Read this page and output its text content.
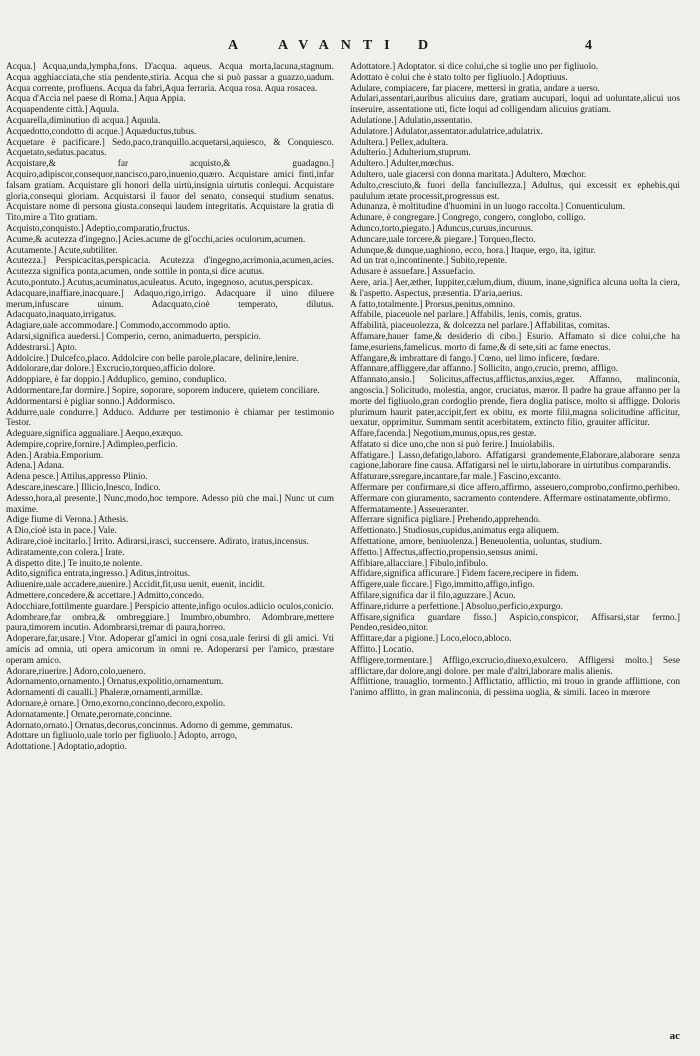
A AVANTI D	4
Acqua.] Acqua,unda,lympha,fons. D'acqua. aqueus. Acqua morta,lacuna,stagnum. Acqua agghiacciata,che stia pendente,stiria. Acqua che si può passar a guazzo,uadum. Acqua corrente, profluens. Acqua da fabri,Aqua ferraria. Acqua rosa. Aqua rosacea.
Acqua d'Accia nel paese di Roma.] Aqua Appia.
Acquapendente città.] Aquula.
Acquarella,diminutiuo di acqua.] Aquula.
Acquedotto,condotto di acque.] Aquæductus,tubus.
Acquetare è pacificare.] Sedo,paco,tranquillo.acquetarsi,aquiesco, & Conquiesco. Acquetato,sedatus.pacatus.
Acquistare,& far acquisto,& guadagno.] Acquiro,adipiscor,consequor,nancisco,paro,inuenio,quæro. Acquistare amici finti,infar falsam gratiam. Acquistare gli honori della uirtù,insignia uirtutis conlequi. Acquistare gloria,consequi gloriam. Acquistarsi il fauor del senato, consequi studium senatus. Acquistare nome di persona giusta.consequi laudem integritatis. Acquistare la gratia di Tito,mire a Tito gratiam.
Acquisto,conquisto.] Adeptio,comparatio,fructus.
Acume,& acutezza d'ingegno.] Acies.acume de gl'occhi,acies oculorum,acumen.
Acutamente.] Acute,subtiliter.
Acutezza.] Perspicacitas,perspicacia. Acutezza d'ingegno,acrimonia,acumen,acies. Acutezza significa ponta,acumen, onde sottile in ponta,si dice acutus.
Acuto,pontuto.] Acutus,acuminatus,aculeatus. Acuto, ingegnoso, acutus,perspicax.
Adacquare,inaffiare,inacquare.] Adaquo,rigo,irrigo. Adacquare il uino diluere merum,infuscare uinum. Adacquato,cioè temperato, dilutus. Adacquato,inaquato,irrigatus.
Adagiare,uale accommodare.] Commodo,accommodo aptio.
Adarsi,significa auedersi.] Comperio, cerno, animaduerto, perspicio.
Addestrarsi.] Apto.
Addolcire.] Dulcefco,placo. Addolcire con belle parole,placare, delinire,lenire.
Addolorare,dar dolore.] Excrucio,torqueo,afficio dolore.
Addoppiare, è far doppio.] Adduplico, gemino, conduplico.
Addormentare,far dormire.] Sopire, soporare, soporem inducere, quietem conciliare.
Addormentarsi è pigliar sonno.] Addormisco.
Addurre,uale condurre.] Adduco. Addurre per testimonio è chiamar per testimonio Testor.
Adeguare,significa aggualiare.] Aequo,exæquo.
Adempire,coprire,fornire.] Adimpleo,perficio.
Aden.] Arabia.Emporium.
Adena.] Adana.
Adena pesce.] Attilus,appresso Plinio.
Adescare,inescare.] Illicio,Inesco, Indico.
Adesso,hora,al presente.] Nunc,modo,hoc tempore. Adesso più che mai.] Nunc ut cum maxime.
Adige fiume di Verona.] Athesis.
A Dio,cioè ista in pace.] Vale.
Adirare,cioè incitarlo.] Irrito. Adirarsi,irasci, succensere. Adirato, iratus,incensus.
Adiratamente,con colera.] Irate.
A dispetto dite.] Te inuito,te nolente.
Adito,significa entrata,ingresso.] Aditus,introitus.
Adiuenire,uale accadere,auenire.] Accidit,fit,usu uenit, euenit, incidit.
Admettere,concedere,& accettare.] Admitto,concedo.
Adocchiare,fottilmente guardare.] Perspicio attente,infigo oculos.adiicio oculos,conicio.
Adombrare,far ombra,& ombreggiare.] Inumbro,obumbro. Adombrare,mettere paura,timorem incutio. Adombrarsi,tremar di paura,horreo.
Adoperare,far,usare.] Vtor. Adoperar gl'amici in ogni cosa,uale ferirsi di gli amici. Vti amicis ad omnia, uti opera amicorum in omni re. Adoperarsi per l'amico, præstare operam amico.
Adorare,riuerire.] Adoro,colo,uenero.
Adornamento,ornamento.] Ornatus,expolitio,ornamentum.
Adornamenti di caualli.] Phaleræ,ornamenti,armillæ.
Adornare,è ornare.] Orno,exorno,concinno,decoro,expolio.
Adornatamente.] Ornate,perornate,concinne.
Adornato,ornato.] Ornatus,decorus,concinnus. Adorno di gemme, gemmatus.
Adottare un figliuolo,uale torlo per figliuolo.] Adopto, arrogo,
Adottatione.] Adoptatio,adoptio.
Adottatore.] Adoptator. si dice colui,che si toglie uno per figliuolo.
Adottato è colui che è stato tolto per figliuolo.] Adoptiuus.
Adulare, compiacere, far piacere, mettersi in gratia, andare a uerso.
Adulari,assentari,auribus alicuius dare, gratiam aucupari, loqui ad uoluntate,alicui uos inseruire, assentatione uti, ficte loqui ad colligendam alicuius gratiam.
Adulatione.] Adulatio,assentatio.
Adulatore.] Adulator,assentator.adulatrice,adulatrix.
Adultera.] Pellex,adultera.
Adulterio.] Adulterium,stuprum.
Adultero.] Adulter,mœchus.
Adultero, uale giacersi con donna maritata.] Adultero, Mœchor.
Adulto,cresciuto,& fuori della fanciullezza.] Adultus, qui excessit ex ephebis,qui paululum ætate processit,progressus est.
Adunanza, è moltitudine d'huomini in un luogo raccolta.] Conuenticulum.
Adunare, è congregare.] Congrego, congero, conglobo, colligo.
Adunco,torto,piegato.] Aduncus,curuus,incuruus.
Aduncare,uale torcere,& piegare.] Torqueo,flecto.
Adunque,& dunque,uaghiono, ecco, hora.] Itaque, ergo, ita, igitur.
Ad un trat o,incontinente.] Subito,repente.
Adusare è assuefare.] Assuefacio.
Aere, aria.] Aer,æther, Iuppiter,cælum,dium, diuum, inane,significa alcuna uolta la ciera, & l'aspetto. Aspectus, præsentia. D'aria,aerius.
A fatto,totalmente.] Prorsus,penitus,omnino.
Affabile, piaceuole nel parlare.] Affabilis, lenis, comis, gratus.
Affabilità, piaceuolezza, & dolcezza nel parlare.] Affabilitas, comitas.
Affamare,hauer fame,& desiderio di cibo.] Esurio. Affamato si dice colui,che ha fame,esuriens,famelicus. morto di fame,& di sete,siti ac fame enectus.
Affangare,& imbrattare di fango.] Cœno, uel limo inficere, fœdare.
Affannare,affliggere,dar affanno.] Sollicito, ango,crucio, premo, affligo.
Affannato,ansio.] Solicitus,affectus,afflictus,anxius,æger. Affanno, malinconia, angoscia.] Solicitudo, molestia, angor, cruciatus, mæror. Il padre ha graue affanno per la morte del figliuolo,gran cordoglio prende, fiera doglia patisce, molto si affligge. Doloris plurimum haurit pater,accipit,fert ex obitu, ex morte filii,magna solicitudine afficitur, uexatur, opprimitur. Summam sentit acerbitatem, extincto filio, grauiter afficitur.
Affare,facenda.] Negotium,munus,opus,res gestæ.
Affatato si dice uno,che non si può ferire.] Inuiolabilis.
Affatigare.] Lasso,defatigo,laboro. Affatigarsi grandemente,Elaborare,alaborare senza cagione,laborare fine causa. Affatigarsi nel le uirtu,laborare in uirtutibus comparandis.
Affaturare,ssregare,incantare,far male.] Fascino,excanto.
Affermare per confirmare,si dice affero,affirmo, asseuero,comprobo,confirmo,perhibeo. Affermare con giuramento, sacramento contendere. Affermare ostinatamente,obfirmo.
Affermatamente.] Asseueranter.
Afferrare significa pigliare.] Prehendo,apprehendo.
Affettionato.] Studiosus,cupidus,animatus erga aliquem.
Affettatione, amore, beniuolenza.] Beneuolentia, uoluntas, studium.
Affetto.] Affectus,affectio,propensio,sensus animi.
Affibiare,allacciare.] Fibulo,infibulo.
Affidare,significa afficurare.] Fidem facere,recipere in fidem.
Affigere,uale ficcare.] Figo,immitto,affigo,infigo.
Affilare,significa dar il filo,aguzzare.] Acuo.
Affinare,ridurre a perfettione.] Absoluo,perficio,expurgo.
Affisare,significa guardare fisso.] Aspicio,conspicor, Affisarsi,star fermo.] Pendeo,resideo,nitor.
Affittare,dar a pigione.] Loco,eloco,abloco.
Affitto.] Locatio.
Affligere,tormentare.] Affligo,excrucio,diuexo,exulcero. Affligersi molto.] Sese afflictare,dar dolore,angi dolore. per male d'altri,laborare malis alienis.
Afflittione, trauaglio, tormento.] Afflictatio, afflictio, mi trouo in grande afflittione, con l'animo afflitto, in gran malinconia, di pessima uoglia, & simili. Iaceo in mœrore
ac
